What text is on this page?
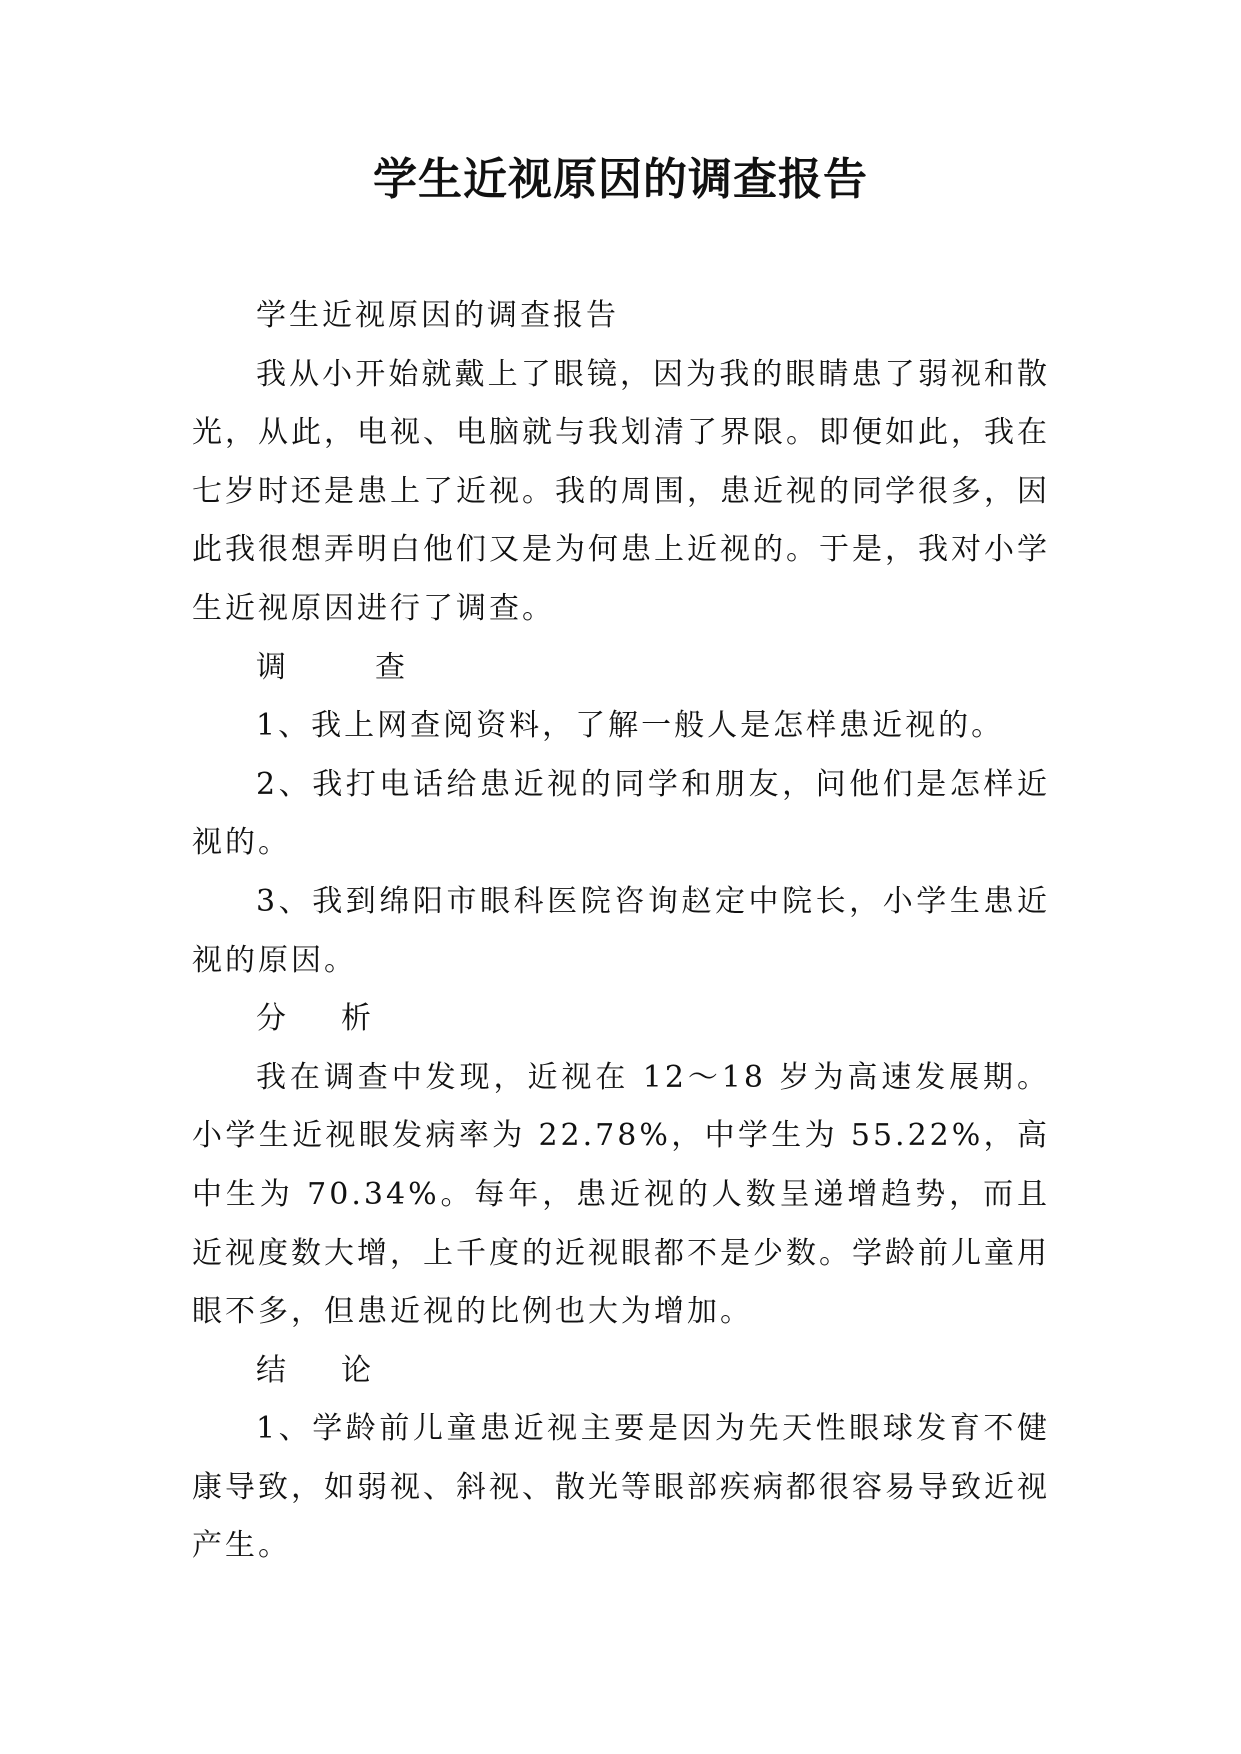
学生近视原因的调查报告

学生近视原因的调查报告

我从小开始就戴上了眼镜，因为我的眼睛患了弱视和散光，从此，电视、电脑就与我划清了界限。即便如此，我在七岁时还是患上了近视。我的周围，患近视的同学很多，因此我很想弄明白他们又是为何患上近视的。于是，我对小学生近视原因进行了调查。

调	查

1、我上网查阅资料，了解一般人是怎样患近视的。

2、我打电话给患近视的同学和朋友，问他们是怎样近视的。

3、我到绵阳市眼科医院咨询赵定中院长，小学生患近视的原因。

分 析

我在调查中发现，近视在 12～18 岁为高速发展期。小学生近视眼发病率为 22.78%，中学生为 55.22%，高中生为 70.34%。每年，患近视的人数呈递增趋势，而且近视度数大增，上千度的近视眼都不是少数。学龄前儿童用眼不多，但患近视的比例也大为增加。

结 论

1、学龄前儿童患近视主要是因为先天性眼球发育不健康导致，如弱视、斜视、散光等眼部疾病都很容易导致近视产生。
